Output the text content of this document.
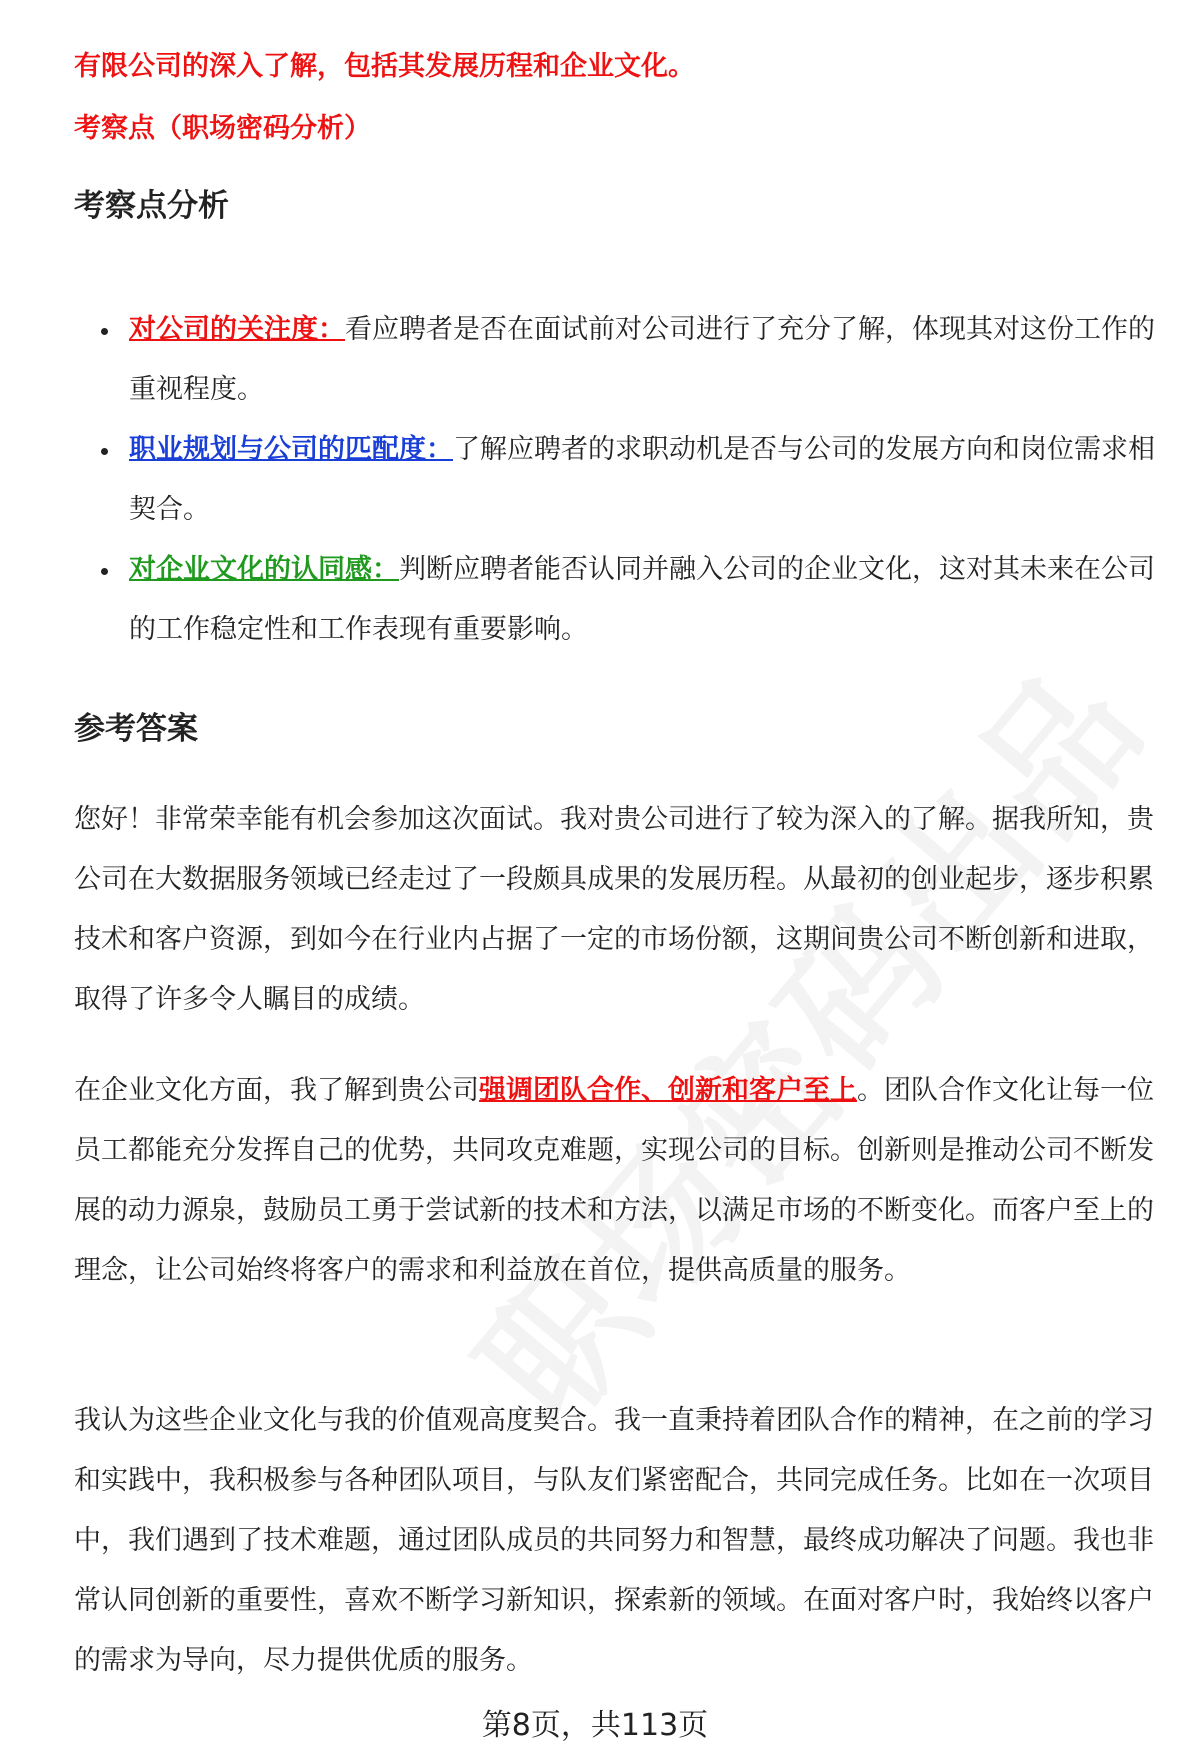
有限公司的深入了解，包括其发展历程和企业文化。
考察点（职场密码分析）
考察点分析
对公司的关注度：看应聘者是否在面试前对公司进行了充分了解，体现其对这份工作的重视程度。
职业规划与公司的匹配度：了解应聘者的求职动机是否与公司的发展方向和岗位需求相契合。
对企业文化的认同感：判断应聘者能否认同并融入公司的企业文化，这对其未来在公司的工作稳定性和工作表现有重要影响。
参考答案

您好！非常荣幸能有机会参加这次面试。我对贵公司进行了较为深入的了解。据我所知，贵公司在大数据服务领域已经走过了一段颇具成果的发展历程。从最初的创业起步，逐步积累技术和客户资源，到如今在行业内占据了一定的市场份额，这期间贵公司不断创新和进取，取得了许多令人瞩目的成绩。

在企业文化方面，我了解到贵公司强调团队合作、创新和客户至上。团队合作文化让每一位员工都能充分发挥自己的优势，共同攻克难题，实现公司的目标。创新则是推动公司不断发展的动力源泉，鼓励员工勇于尝试新的技术和方法，以满足市场的不断变化。而客户至上的理念，让公司始终将客户的需求和利益放在首位，提供高质量的服务。

我认为这些企业文化与我的价值观高度契合。我一直秉持着团队合作的精神，在之前的学习和实践中，我积极参与各种团队项目，与队友们紧密配合，共同完成任务。比如在一次项目中，我们遇到了技术难题，通过团队成员的共同努力和智慧，最终成功解决了问题。我也非常认同创新的重要性，喜欢不断学习新知识，探索新的领域。在面对客户时，我始终以客户的需求为导向，尽力提供优质的服务。

第8页，共113页
